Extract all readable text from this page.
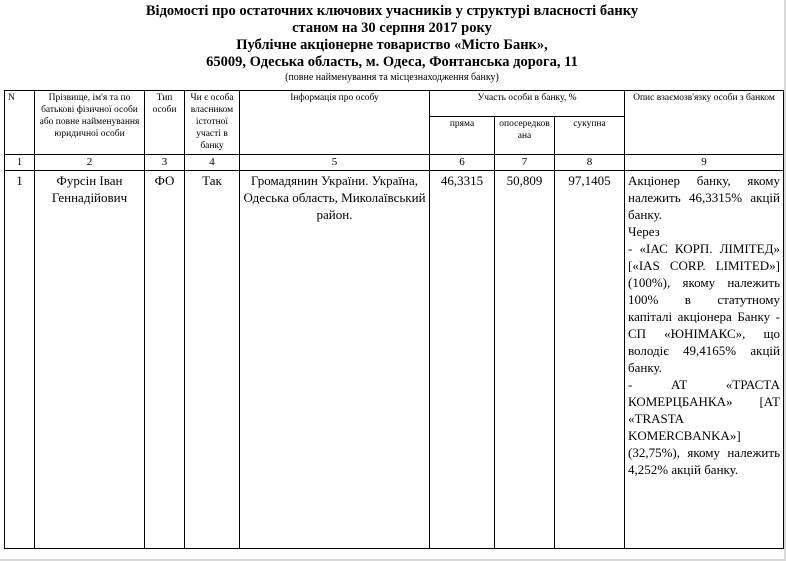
Відомості про остаточних ключових учасників у структурі власності банку
станом на 30 серпня 2017 року
Публічне акціонерне товариство «Місто Банк»,
65009, Одеська область, м. Одеса, Фонтанська дорога, 11
(повне найменування та місцезнаходження банку)
N	Прізвище, ім'я та по батькові фізичної особи або повне найменування юридичної особи	Тип особи	Чи є особа власником істотної участі в банку	Інформація про особу	Участь особи в банку, %			Опис взаємозв'язку особи з банком
					пряма	опосередкована	сукупна	
1	2	3	4	5	6	7	8	9
1	Фурсін Іван Геннадійович	ФО	Так	Громадянин України. Україна, Одеська область, Миколаївський район.	46,3315	50,809	97,1405	Акціонер банку, якому належить 46,3315% акцій банку.

Через

- «ІАС КОРП. ЛІМІТЕД» [«IAS CORP. LIMITED»] (100%), якому належить 100% в статутному капіталі акціонера Банку - СП «ЮНІМАКС», що володіє 49,4165% акцій банку.

- АТ «ТРАСТА КОМЕРЦБАНКА» [АТ «TRASTA KOMERCBANKA»] (32,75%), якому належить 4,252% акцій банку.
